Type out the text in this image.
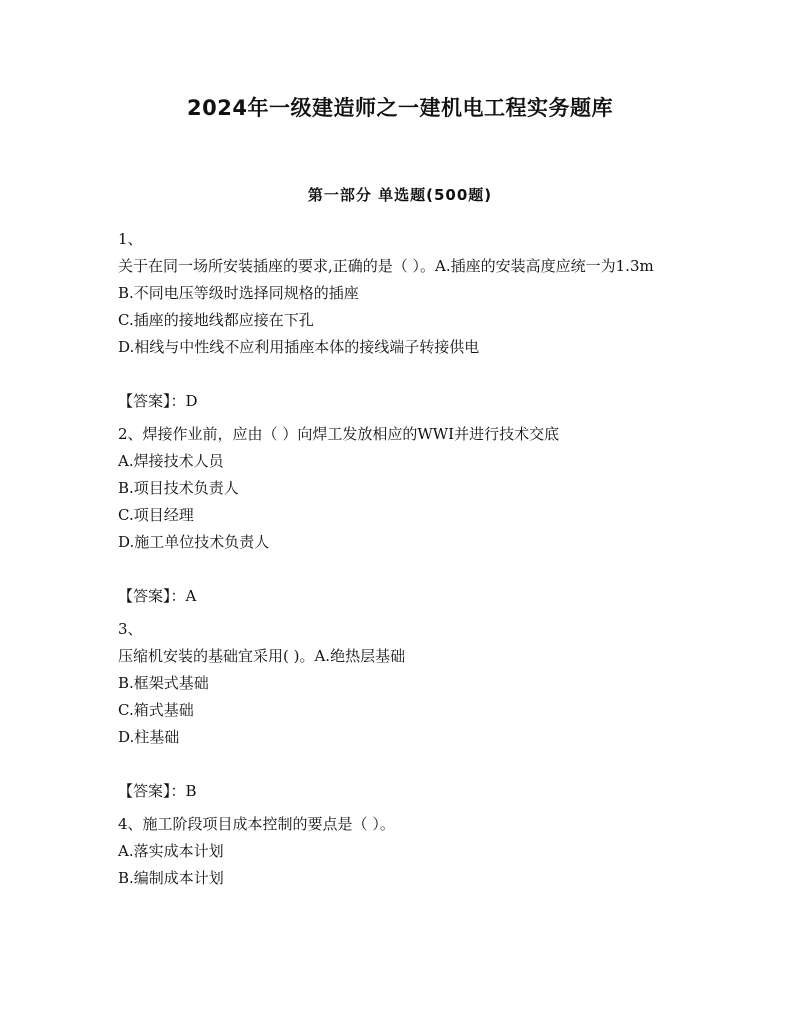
2024年一级建造师之一建机电工程实务题库
第一部分 单选题(500题)
1、
关于在同一场所安装插座的要求,正确的是（ ）。A.插座的安装高度应统一为1.3m
B.不同电压等级时选择同规格的插座
C.插座的接地线都应接在下孔
D.相线与中性线不应利用插座本体的接线端子转接供电
【答案】：D
2、焊接作业前，应由（ ）向焊工发放相应的WWI并进行技术交底
A.焊接技术人员
B.项目技术负责人
C.项目经理
D.施工单位技术负责人
【答案】：A
3、
压缩机安装的基础宜采用( )。A.绝热层基础
B.框架式基础
C.箱式基础
D.柱基础
【答案】：B
4、施工阶段项目成本控制的要点是（ ）。
A.落实成本计划
B.编制成本计划
